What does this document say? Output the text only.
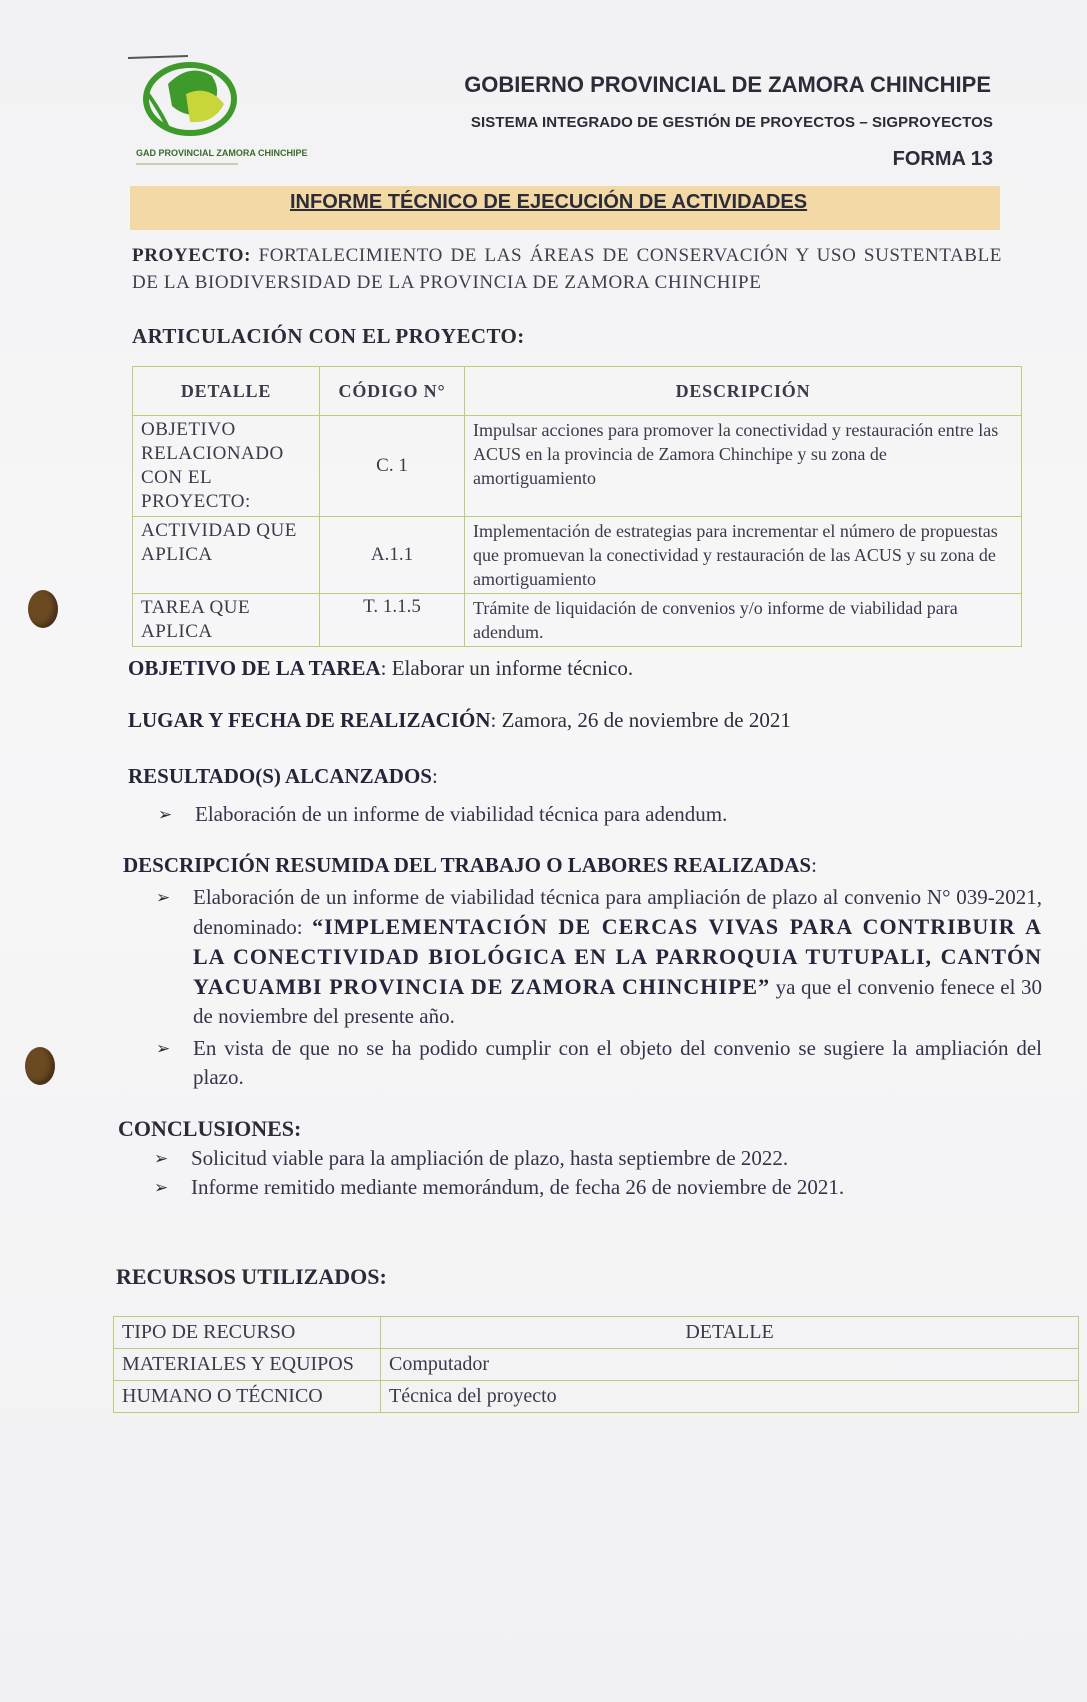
GAD PROVINCIAL ZAMORA CHINCHIPE
GOBIERNO PROVINCIAL DE ZAMORA CHINCHIPE
SISTEMA INTEGRADO DE GESTIÓN DE PROYECTOS – SIGPROYECTOS
FORMA 13
INFORME TÉCNICO DE EJECUCIÓN DE ACTIVIDADES
PROYECTO: FORTALECIMIENTO DE LAS ÁREAS DE CONSERVACIÓN Y USO SUSTENTABLE DE LA BIODIVERSIDAD DE LA PROVINCIA DE ZAMORA CHINCHIPE
ARTICULACIÓN CON EL PROYECTO:
DETALLE	CÓDIGO N°	DESCRIPCIÓN
OBJETIVO RELACIONADO CON EL PROYECTO:	C. 1	Impulsar acciones para promover la conectividad y restauración entre las ACUS en la provincia de Zamora Chinchipe y su zona de amortiguamiento
ACTIVIDAD QUE APLICA	A.1.1	Implementación de estrategias para incrementar el número de propuestas que promuevan la conectividad y restauración de las ACUS y su zona de amortiguamiento
TAREA QUE APLICA	T. 1.1.5	Trámite de liquidación de convenios y/o informe de viabilidad para adendum.
OBJETIVO DE LA TAREA: Elaborar un informe técnico.
LUGAR Y FECHA DE REALIZACIÓN: Zamora, 26 de noviembre de 2021
RESULTADO(S) ALCANZADOS:
➢ Elaboración de un informe de viabilidad técnica para adendum.
DESCRIPCIÓN RESUMIDA DEL TRABAJO O LABORES REALIZADAS:
➢ Elaboración de un informe de viabilidad técnica para ampliación de plazo al convenio N° 039-2021, denominado: “IMPLEMENTACIÓN DE CERCAS VIVAS PARA CONTRIBUIR A LA CONECTIVIDAD BIOLÓGICA EN LA PARROQUIA TUTUPALI, CANTÓN YACUAMBI PROVINCIA DE ZAMORA CHINCHIPE” ya que el convenio fenece el 30 de noviembre del presente año.
➢ En vista de que no se ha podido cumplir con el objeto del convenio se sugiere la ampliación del plazo.
CONCLUSIONES:
➢ Solicitud viable para la ampliación de plazo, hasta septiembre de 2022.
➢ Informe remitido mediante memorándum, de fecha 26 de noviembre de 2021.
RECURSOS UTILIZADOS:
TIPO DE RECURSO	DETALLE
MATERIALES Y EQUIPOS	Computador
HUMANO O TÉCNICO	Técnica del proyecto
